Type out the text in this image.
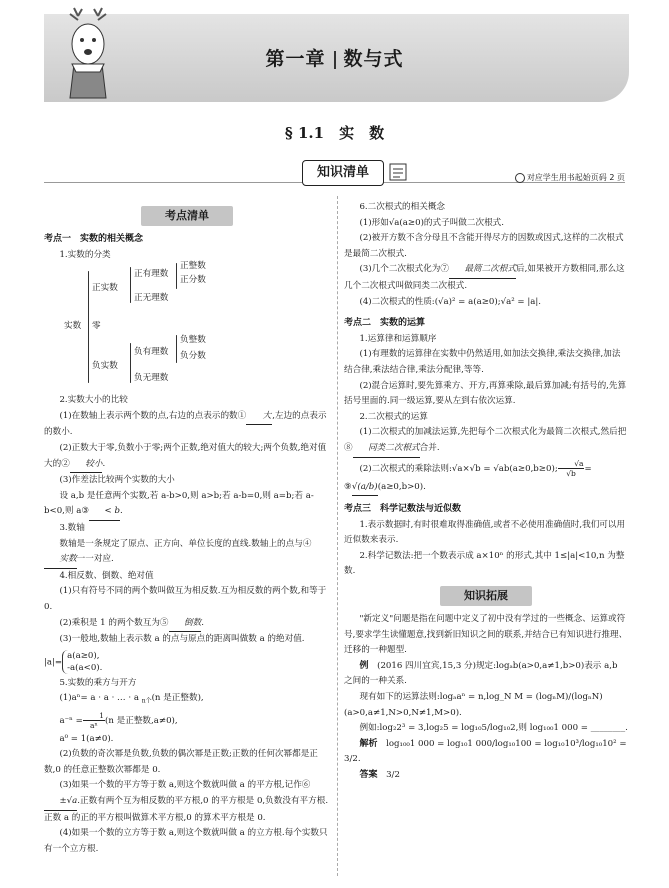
第一章 数与式
§ 1.1　实　数
知识清单	对应学生用书起始页码 2 页
考点清单

考点一　实数的相关概念

1.实数的分类

实数
正实数
零
负实数
正有理数
正无理数
正整数
正分数
负有理数
负无理数
负整数
负分数

2.实数大小的比较

(1)在数轴上表示两个数的点,右边的点表示的数① 大,左边的点表示的数小.

(2)正数大于零,负数小于零;两个正数,绝对值大的较大;两个负数,绝对值大的② 较小.

(3)作差法比较两个实数的大小

设 a,b 是任意两个实数,若 a-b>0,则 a>b;若 a-b=0,则 a=b;若 a-b<0,则 a③ < b.

3.数轴

数轴是一条规定了原点、正方向、单位长度的直线.数轴上的点与④实数一一对应.

4.相反数、倒数、绝对值

(1)只有符号不同的两个数叫做互为相反数.互为相反数的两个数,和等于 0.

(2)乘积是 1 的两个数互为⑤ 倒数.

(3)一般地,数轴上表示数 a 的点与原点的距离叫做数 a 的绝对值.

|a|=
a(a≥0),
-a(a<0).

5.实数的乘方与开方

(1)aⁿ= a · a · … · a $_{n个}$(n 是正整数),

$a^{-n} = \frac{1}{\text{aⁿ}}(n$ 是正整数,a≠0),

a⁰ = 1(a≠0).

(2)负数的奇次幂是负数,负数的偶次幂是正数;正数的任何次幂都是正数,0 的任意正整数次幂都是 0.

(3)如果一个数的平方等于数 a,则这个数就叫做 a 的平方根,记作⑥±√a.正数有两个互为相反数的平方根,0 的平方根是 0,负数没有平方根.正数 a 的正的平方根叫做算术平方根,0 的算术平方根是 0.

(4)如果一个数的立方等于数 a,则这个数就叫做 a 的立方根.每个实数只有一个立方根.

6.二次根式的相关概念

(1)形如√a(a≥0)的式子叫做二次根式.

(2)被开方数不含分母且不含能开得尽方的因数或因式,这样的二次根式是最简二次根式.

(3)几个二次根式化为⑦ 最简二次根式后,如果被开方数相同,那么这几个二次根式叫做同类二次根式.

(4)二次根式的性质:(√a)² = a(a≥0);√a² = |a|.

考点二　实数的运算

1.运算律和运算顺序

(1)有理数的运算律在实数中仍然适用,如加法交换律,乘法交换律,加法结合律,乘法结合律,乘法分配律,等等.

(2)混合运算时,要先算乘方、开方,再算乘除,最后算加减;有括号的,先算括号里面的.同一级运算,要从左到右依次运算.

2.二次根式的运算

(1)二次根式的加减法运算,先把每个二次根式化为最简二次根式,然后把⑧ 同类二次根式合并.

(2)二次根式的乘除法则:√a×√b = √ab(a≥0,b≥0); $\frac{√a}{√b}=$

⑨√(a/b)(a≥0,b>0).

考点三　科学记数法与近似数

1.表示数据时,有时很难取得准确值,或者不必使用准确值时,我们可以用近似数来表示.

2.科学记数法:把一个数表示成 a×10ⁿ 的形式,其中 1≤|a|<10,n 为整数.

知识拓展

"新定义"问题是指在问题中定义了初中没有学过的一些概念、运算或符号,要求学生读懂题意,找到新旧知识之间的联系,并结合已有知识进行推理、迁移的一种题型.

例　 (2016 四川宜宾,15,3 分)规定:logₐb(a>0,a≠1,b>0)表示 a,b 之间的一种关系.

现有如下的运算法则:logₐaⁿ = n,log_N M = (logₙM)/(logₙN)(a>0,a≠1,N>0,N≠1,M>0).

例如:log₂2³ = 3,log₂5 = log₁₀5/log₁₀2,则 log₁₀₀1 000 = ________.

解析　 log₁₀₀1 000 = log₁₀1 000/log₁₀100 = log₁₀10³/log₁₀10² = 3/2.

答案　 3/2
